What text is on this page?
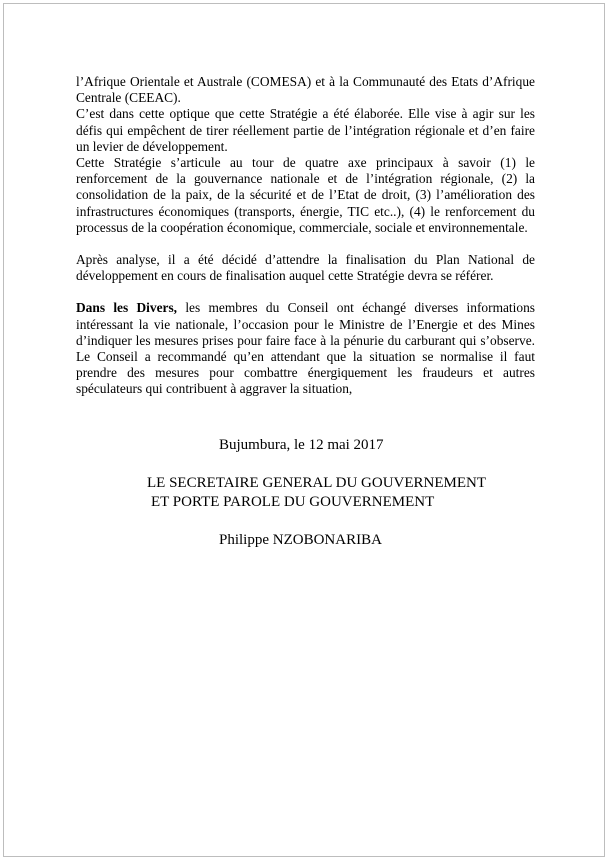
l’Afrique Orientale et Australe (COMESA) et à la Communauté des Etats d’Afrique Centrale (CEEAC).

C’est dans cette optique que cette Stratégie a été élaborée. Elle vise à agir sur les défis qui empêchent de tirer réellement partie de l’intégration régionale et d’en faire un levier de développement.

Cette Stratégie s’articule au tour de quatre axe principaux à savoir (1) le renforcement de la gouvernance nationale et de l’intégration régionale, (2) la consolidation de la paix, de la sécurité et de l’Etat de droit, (3) l’amélioration des infrastructures économiques (transports, énergie, TIC etc..), (4) le renforcement du processus de la coopération économique, commerciale, sociale et environnementale.

Après analyse, il a été décidé d’attendre la finalisation du Plan National de développement en cours de finalisation auquel cette Stratégie devra se référer.

Dans les Divers, les membres du Conseil ont échangé diverses informations intéressant la vie nationale, l’occasion pour le Ministre de l’Energie et des Mines d’indiquer les mesures prises pour faire face à la pénurie du carburant qui s’observe. Le Conseil a recommandé qu’en attendant que la situation se normalise il faut prendre des mesures pour combattre énergiquement les fraudeurs et autres spéculateurs qui contribuent à aggraver la situation,

Bujumbura, le 12 mai 2017
LE SECRETAIRE GENERAL DU GOUVERNEMENT
ET PORTE PAROLE DU GOUVERNEMENT
Philippe NZOBONARIBA
